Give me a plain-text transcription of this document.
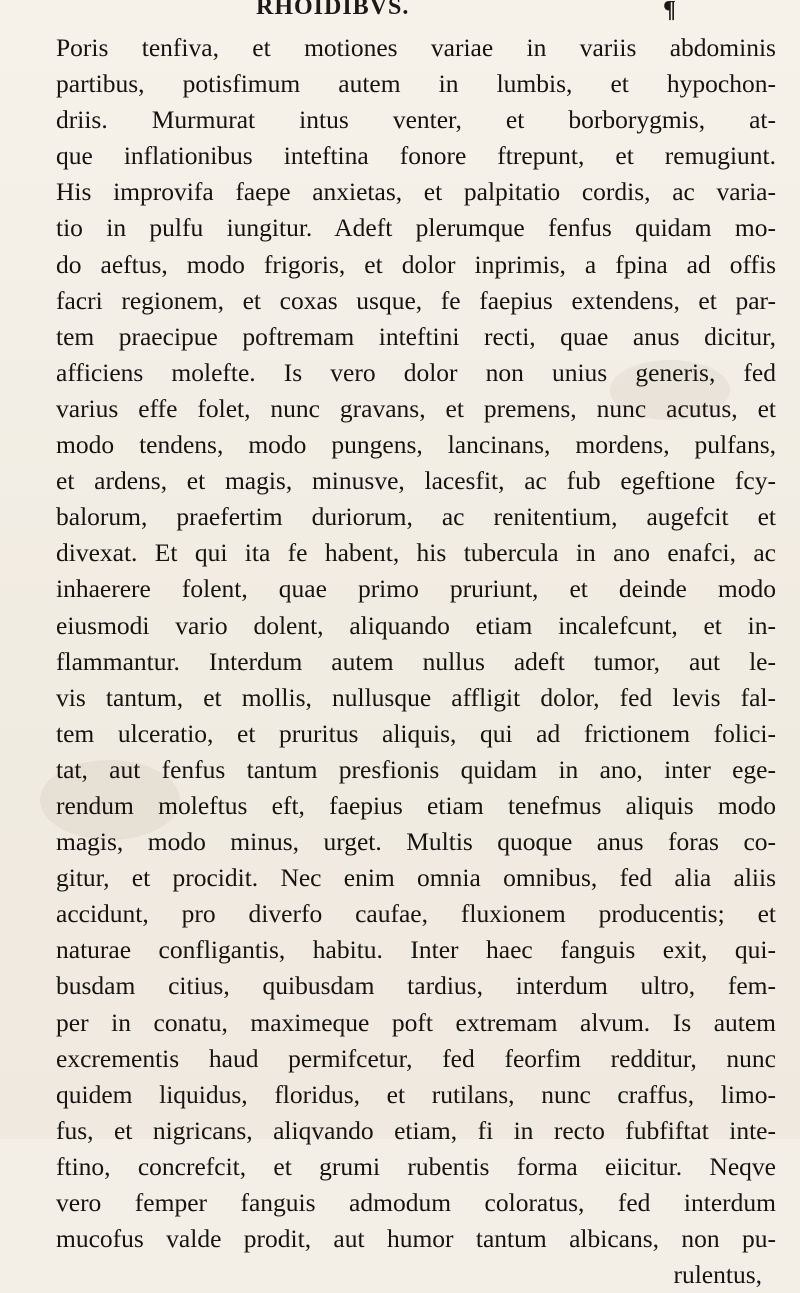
RHOIDIBVS.	¶
Poris tenfiva, et motiones variae in variis abdominis
partibus, potisfimum autem in lumbis, et hypochon-
driis. Murmurat intus venter, et borborygmis, at-
que inflationibus inteftina fonore ftrepunt, et remugiunt.
His improvifa faepe anxietas, et palpitatio cordis, ac varia-
tio in pulfu iungitur. Adeft plerumque fenfus quidam mo-
do aeftus, modo frigoris, et dolor inprimis, a fpina ad offis
facri regionem, et coxas usque, fe faepius extendens, et par-
tem praecipue poftremam inteftini recti, quae anus dicitur,
afficiens molefte. Is vero dolor non unius generis, fed
varius effe folet, nunc gravans, et premens, nunc acutus, et
modo tendens, modo pungens, lancinans, mordens, pulfans,
et ardens, et magis, minusve, lacesfit, ac fub egeftione fcy-
balorum, praefertim duriorum, ac renitentium, augefcit et
divexat. Et qui ita fe habent, his tubercula in ano enafci, ac
inhaerere folent, quae primo pruriunt, et deinde modo
eiusmodi vario dolent, aliquando etiam incalefcunt, et in-
flammantur. Interdum autem nullus adeft tumor, aut le-
vis tantum, et mollis, nullusque affligit dolor, fed levis fal-
tem ulceratio, et pruritus aliquis, qui ad frictionem folici-
tat, aut fenfus tantum presfionis quidam in ano, inter ege-
rendum moleftus eft, faepius etiam tenefmus aliquis modo
magis, modo minus, urget. Multis quoque anus foras co-
gitur, et procidit. Nec enim omnia omnibus, fed alia aliis
accidunt, pro diverfo caufae, fluxionem producentis; et
naturae confligantis, habitu. Inter haec fanguis exit, qui-
busdam citius, quibusdam tardius, interdum ultro, fem-
per in conatu, maximeque poft extremam alvum. Is autem
excrementis haud permifcetur, fed feorfim redditur, nunc
quidem liquidus, floridus, et rutilans, nunc craffus, limo-
fus, et nigricans, aliqvando etiam, fi in recto fubfiftat inte-
ftino, concrefcit, et grumi rubentis forma eiicitur. Neqve
vero femper fanguis admodum coloratus, fed interdum
mucofus valde prodit, aut humor tantum albicans, non pu-
rulentus,
